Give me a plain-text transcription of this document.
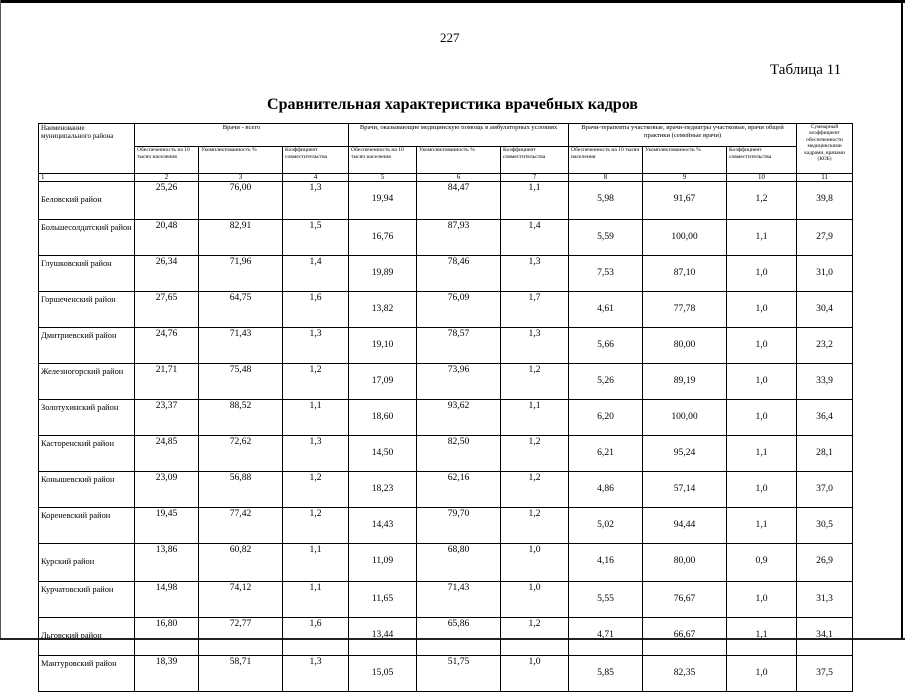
227
Таблица 11
Сравнительная характеристика врачебных кадров
Наименование муниципального района	Врачи - всего			Врачи, оказывающие медицинскую помощь в амбулаторных условиях			Врачи-терапевты участковые, врачи-педиатры участковые, врачи общей практики (семейные врачи)			Суммарный коэффициент обеспеченности медицинскими кадрами, врачами (КОБ)
	Обеспеченность на 10 тысяч населения	Укомплектованность %	Коэффициент совместительства	Обеспеченность на 10 тысяч населения	Укомплектованность %	Коэффициент совместительства	Обеспеченность на 10 тысяч населения	Укомплектованность %	Коэффициент совместительства	
1	2	3	4	5	6	7	8	9	10	11
Беловский район	25,26	76,00	1,3	19,94	84,47	1,1	5,98	91,67	1,2	39,8
Большесолдатский район	20,48	82,91	1,5	16,76	87,93	1,4	5,59	100,00	1,1	27,9
Глушковский район	26,34	71,96	1,4	19,89	78,46	1,3	7,53	87,10	1,0	31,0
Горшеченский район	27,65	64,75	1,6	13,82	76,09	1,7	4,61	77,78	1,0	30,4
Дмитриевский район	24,76	71,43	1,3	19,10	78,57	1,3	5,66	80,00	1,0	23,2
Железногорский район	21,71	75,48	1,2	17,09	73,96	1,2	5,26	89,19	1,0	33,9
Золотухинский район	23,37	88,52	1,1	18,60	93,62	1,1	6,20	100,00	1,0	36,4
Касторенский район	24,85	72,62	1,3	14,50	82,50	1,2	6,21	95,24	1,1	28,1
Конышевский район	23,09	56,88	1,2	18,23	62,16	1,2	4,86	57,14	1,0	37,0
Кореневский район	19,45	77,42	1,2	14,43	79,70	1,2	5,02	94,44	1,1	30,5
Курский район	13,86	60,82	1,1	11,09	68,80	1,0	4,16	80,00	0,9	26,9
Курчатовский район	14,98	74,12	1,1	11,65	71,43	1,0	5,55	76,67	1,0	31,3
Льговский район	16,80	72,77	1,6	13,44	65,86	1,2	4,71	66,67	1,1	34,1
Мантуровский район	18,39	58,71	1,3	15,05	51,75	1,0	5,85	82,35	1,0	37,5
